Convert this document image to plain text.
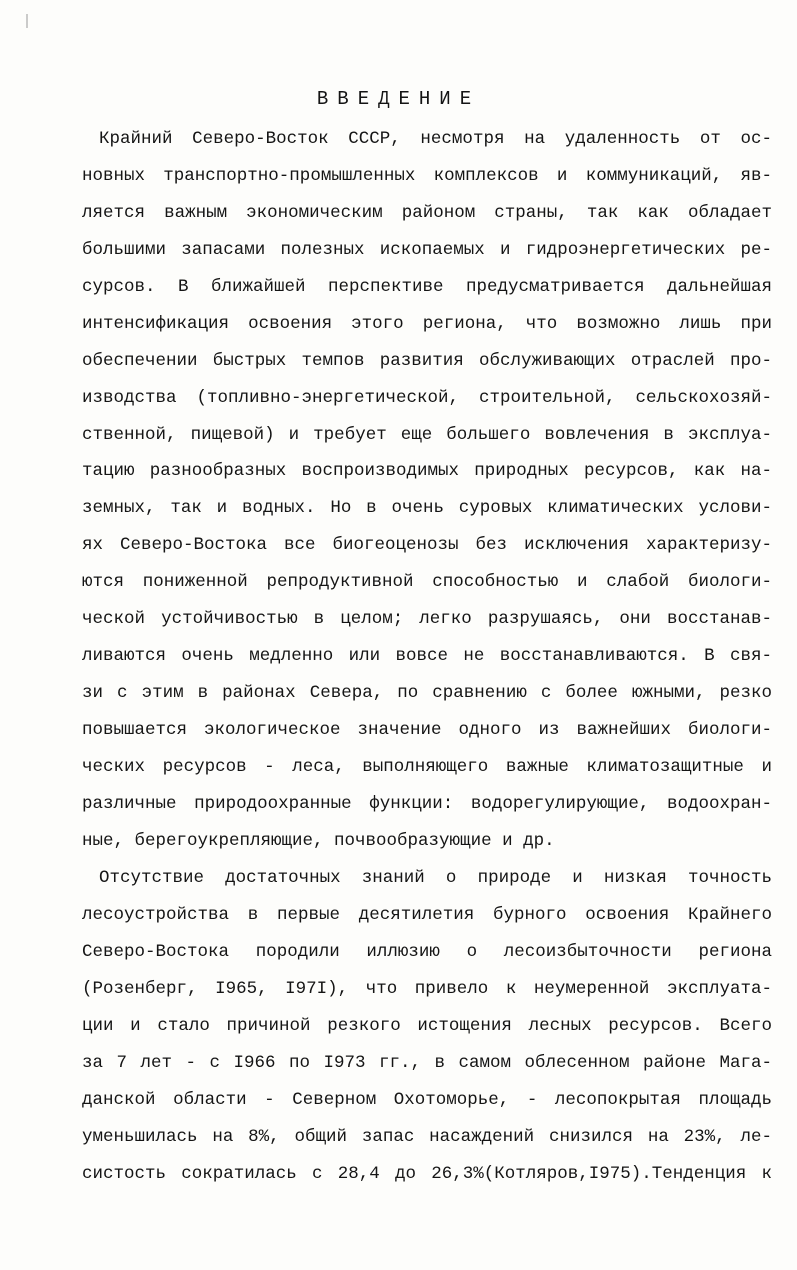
ВВЕДЕНИЕ
Крайний Северо-Восток СССР, несмотря на удаленность от ос-
новных транспортно-промышленных комплексов и коммуникаций, яв-
ляется важным экономическим районом страны, так как обладает
большими запасами полезных ископаемых и гидроэнергетических ре-
сурсов. В ближайшей перспективе предусматривается дальнейшая
интенсификация освоения этого региона, что возможно лишь при
обеспечении быстрых темпов развития обслуживающих отраслей про-
изводства (топливно-энергетической, строительной, сельскохозяй-
ственной, пищевой) и требует еще большего вовлечения в эксплуа-
тацию разнообразных воспроизводимых природных ресурсов, как на-
земных, так и водных. Но в очень суровых климатических услови-
ях Северо-Востока все биогеоценозы без исключения характеризу-
ются пониженной репродуктивной способностью и слабой биологи-
ческой устойчивостью в целом; легко разрушаясь, они восстанав-
ливаются очень медленно или вовсе не восстанавливаются. В свя-
зи с этим в районах Севера, по сравнению с более южными, резко
повышается экологическое значение одного из важнейших биологи-
ческих ресурсов - леса, выполняющего важные климатозащитные и
различные природоохранные функции: водорегулирующие, водоохран-
ные, берегоукрепляющие, почвообразующие и др.
Отсутствие достаточных знаний о природе и низкая точность
лесоустройства в первые десятилетия бурного освоения Крайнего
Северо-Востока породили иллюзию о лесоизбыточности региона
(Розенберг, I965, I97I), что привело к неумеренной эксплуата-
ции и стало причиной резкого истощения лесных ресурсов. Всего
за 7 лет - с I966 по I973 гг., в самом облесенном районе Мага-
данской области - Северном Охотоморье, - лесопокрытая площадь
уменьшилась на 8%, общий запас насаждений снизился на 23%, ле-
систость сократилась с 28,4 до 26,3%(Котляров,I975).Тенденция к
